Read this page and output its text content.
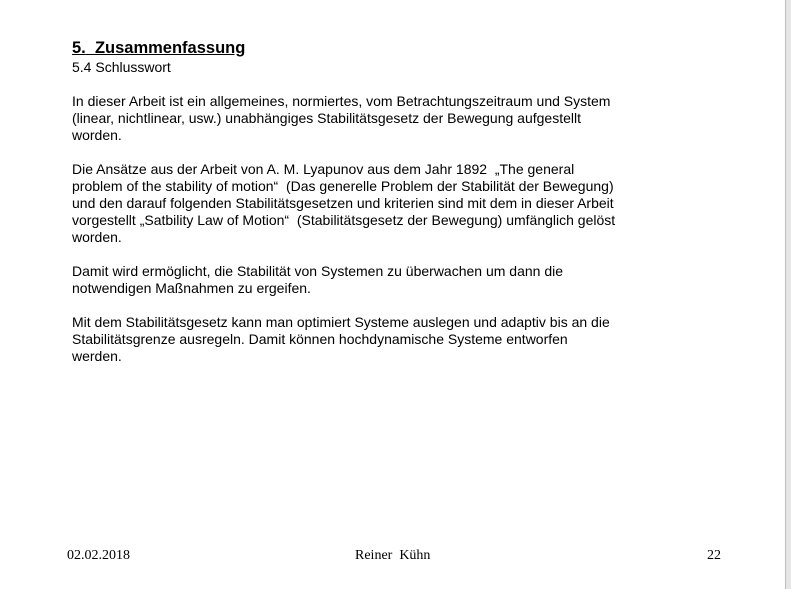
5. Zusammenfassung
5.4 Schlusswort
In dieser Arbeit ist ein allgemeines, normiertes, vom Betrachtungszeitraum und System
(linear, nichtlinear, usw.) unabhängiges Stabilitätsgesetz der Bewegung aufgestellt
worden.
Die Ansätze aus der Arbeit von A. M. Lyapunov aus dem Jahr 1892  „The general
problem of the stability of motion“  (Das generelle Problem der Stabilität der Bewegung)
und den darauf folgenden Stabilitätsgesetzen und kriterien sind mit dem in dieser Arbeit
vorgestellt „Satbility Law of Motion“  (Stabilitätsgesetz der Bewegung) umfänglich gelöst
worden.
Damit wird ermöglicht, die Stabilität von Systemen zu überwachen um dann die
notwendigen Maßnahmen zu ergeifen.
Mit dem Stabilitätsgesetz kann man optimiert Systeme auslegen und adaptiv bis an die
Stabilitätsgrenze ausregeln. Damit können hochdynamische Systeme entworfen
werden.
02.02.2018	Reiner  Kühn	22
